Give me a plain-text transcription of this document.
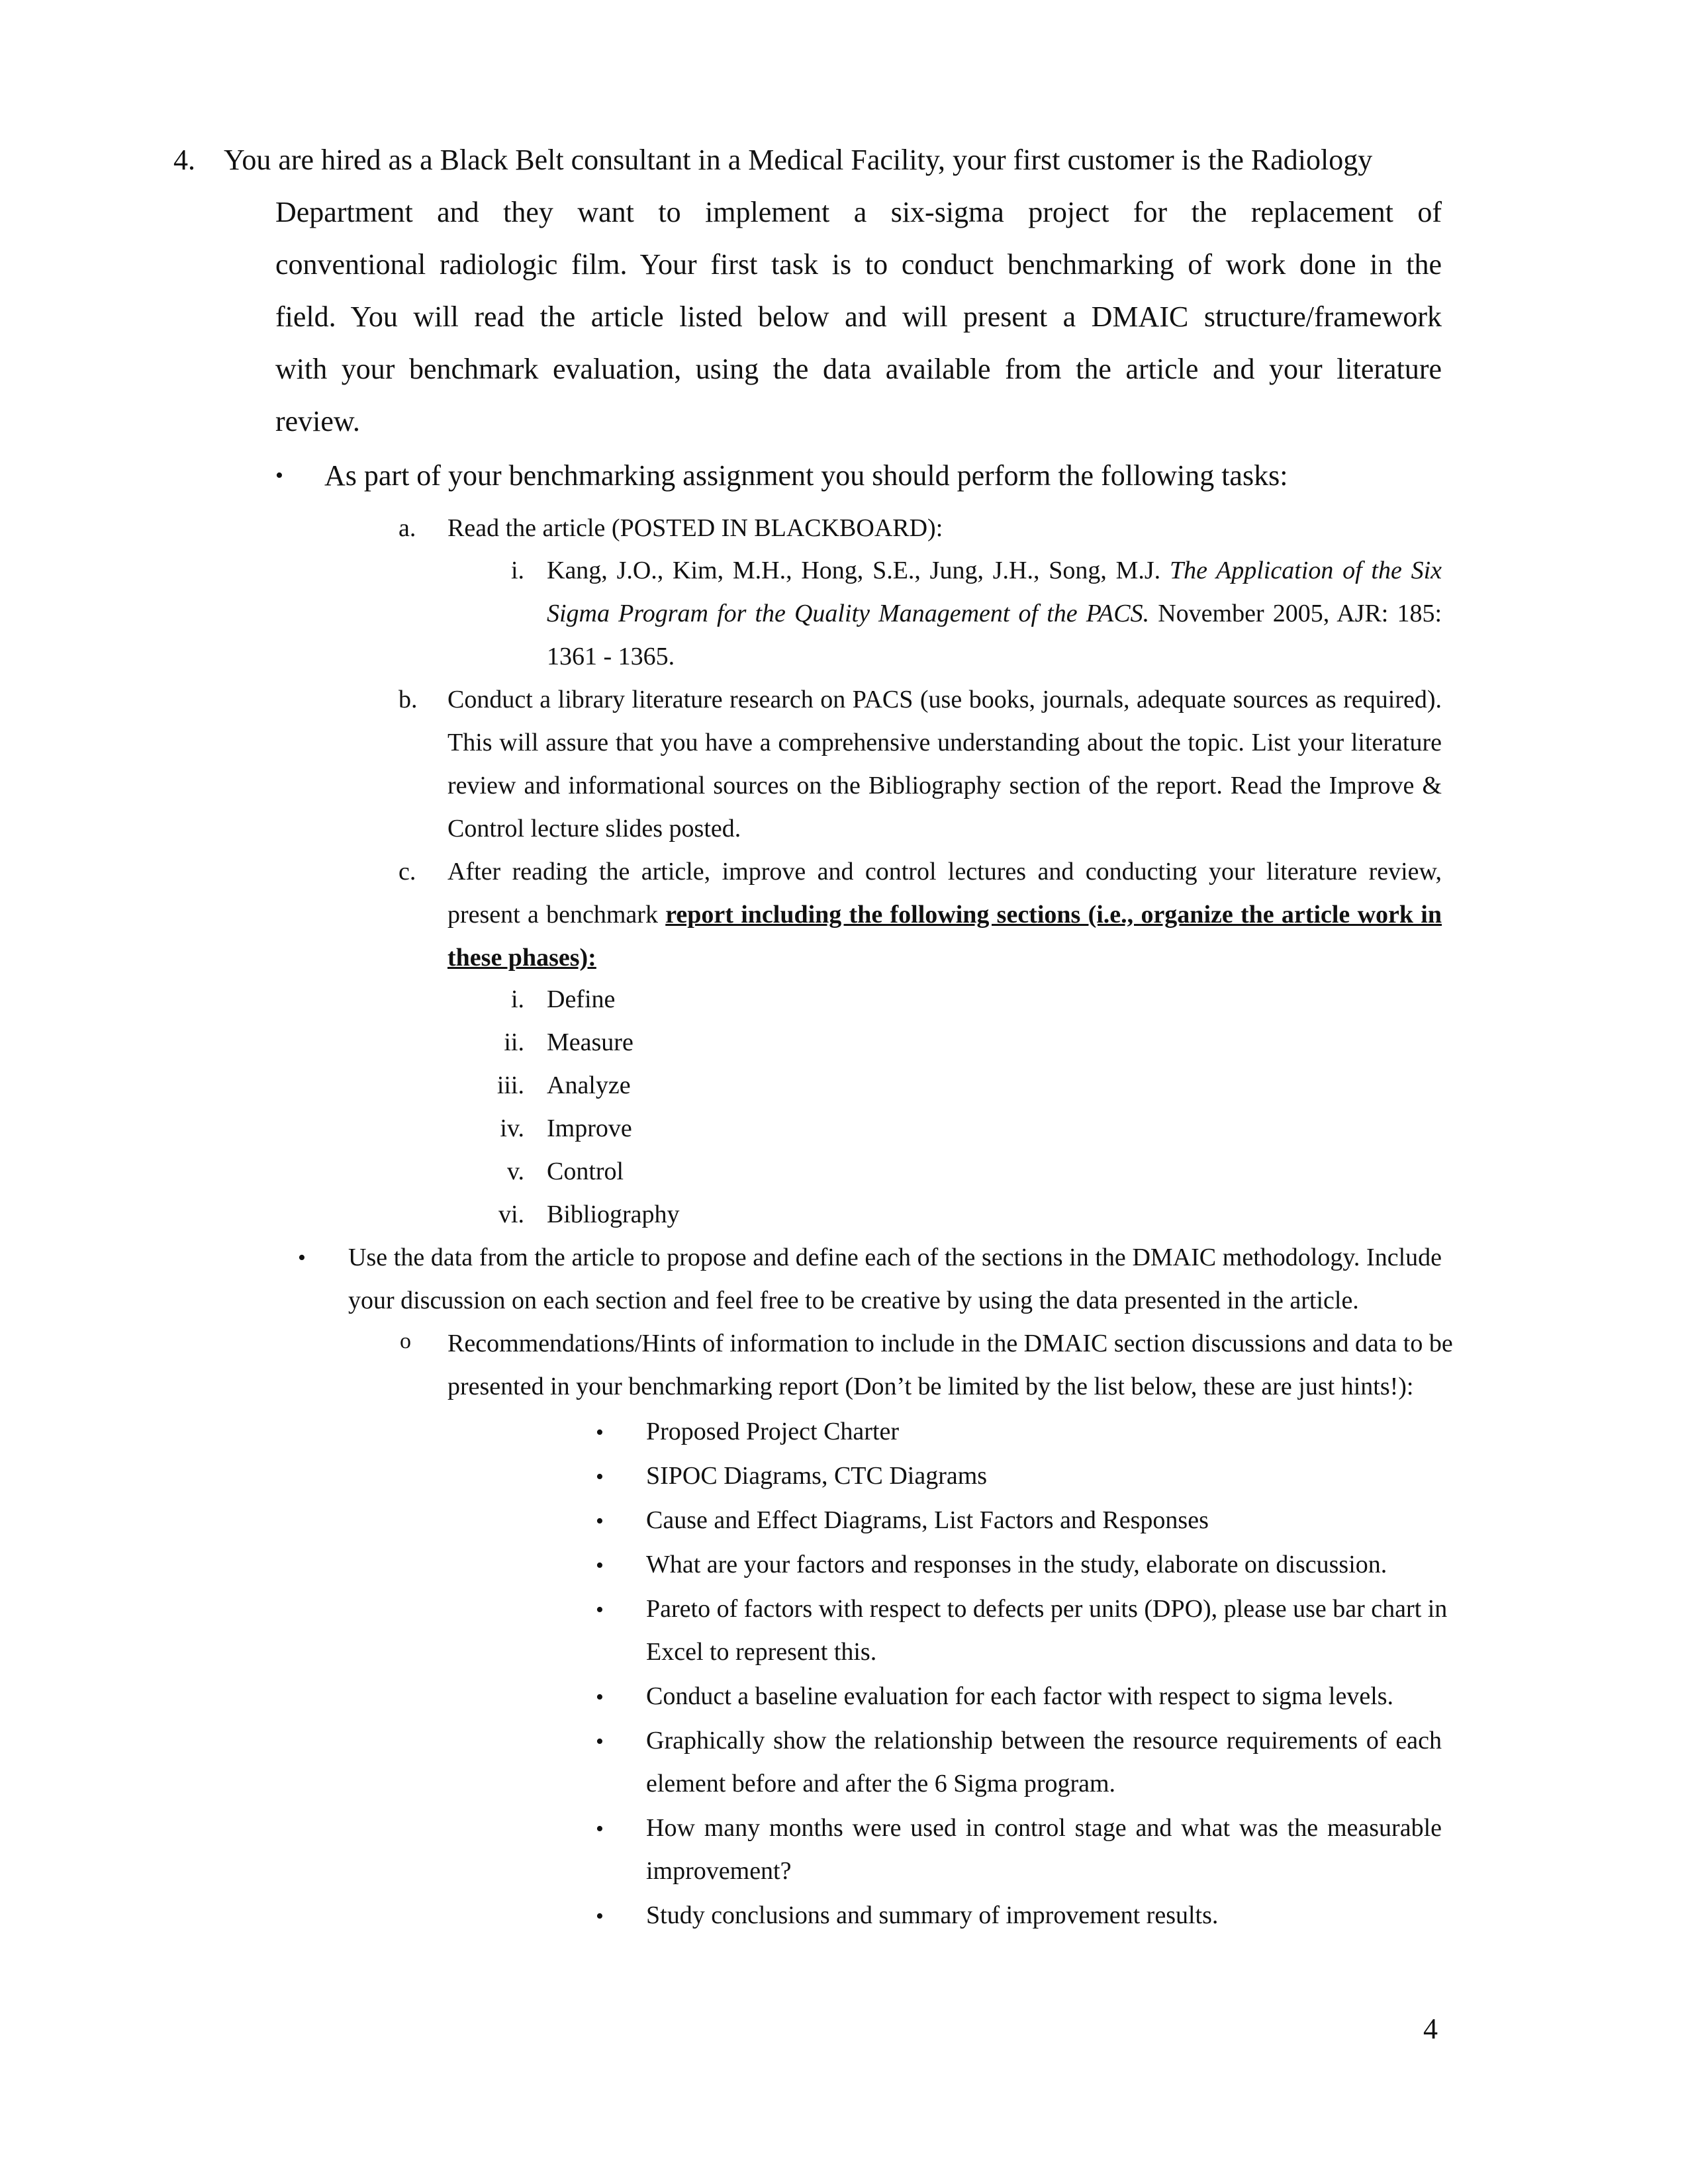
4. You are hired as a Black Belt consultant in a Medical Facility, your first customer is the Radiology
Department and they want to implement a six-sigma project for the replacement of
conventional radiologic film. Your first task is to conduct benchmarking of work done in the
field. You will read the article listed below and will present a DMAIC structure/framework
with your benchmark evaluation, using the data available from the article and your literature
review.
• As part of your benchmarking assignment you should perform the following tasks:
a. Read the article (POSTED IN BLACKBOARD):
i. Kang, J.O., Kim, M.H., Hong, S.E., Jung, J.H., Song, M.J. The Application of the Six
Sigma Program for the Quality Management of the PACS. November 2005, AJR: 185:
1361 - 1365.
b. Conduct a library literature research on PACS (use books, journals, adequate sources as required).
This will assure that you have a comprehensive understanding about the topic. List your literature
review and informational sources on the Bibliography section of the report. Read the Improve &
Control lecture slides posted.
c. After reading the article, improve and control lectures and conducting your literature review,
present a benchmark report including the following sections (i.e., organize the article work in
these phases):
i. Define
ii. Measure
iii. Analyze
iv. Improve
v. Control
vi. Bibliography
• Use the data from the article to propose and define each of the sections in the DMAIC methodology. Include
your discussion on each section and feel free to be creative by using the data presented in the article.
o Recommendations/Hints of information to include in the DMAIC section discussions and data to be
presented in your benchmarking report (Don’t be limited by the list below, these are just hints!):
• Proposed Project Charter
• SIPOC Diagrams, CTC Diagrams
• Cause and Effect Diagrams, List Factors and Responses
• What are your factors and responses in the study, elaborate on discussion.
• Pareto of factors with respect to defects per units (DPO), please use bar chart in
Excel to represent this.
• Conduct a baseline evaluation for each factor with respect to sigma levels.
• Graphically show the relationship between the resource requirements of each
element before and after the 6 Sigma program.
• How many months were used in control stage and what was the measurable
improvement?
• Study conclusions and summary of improvement results.
4
